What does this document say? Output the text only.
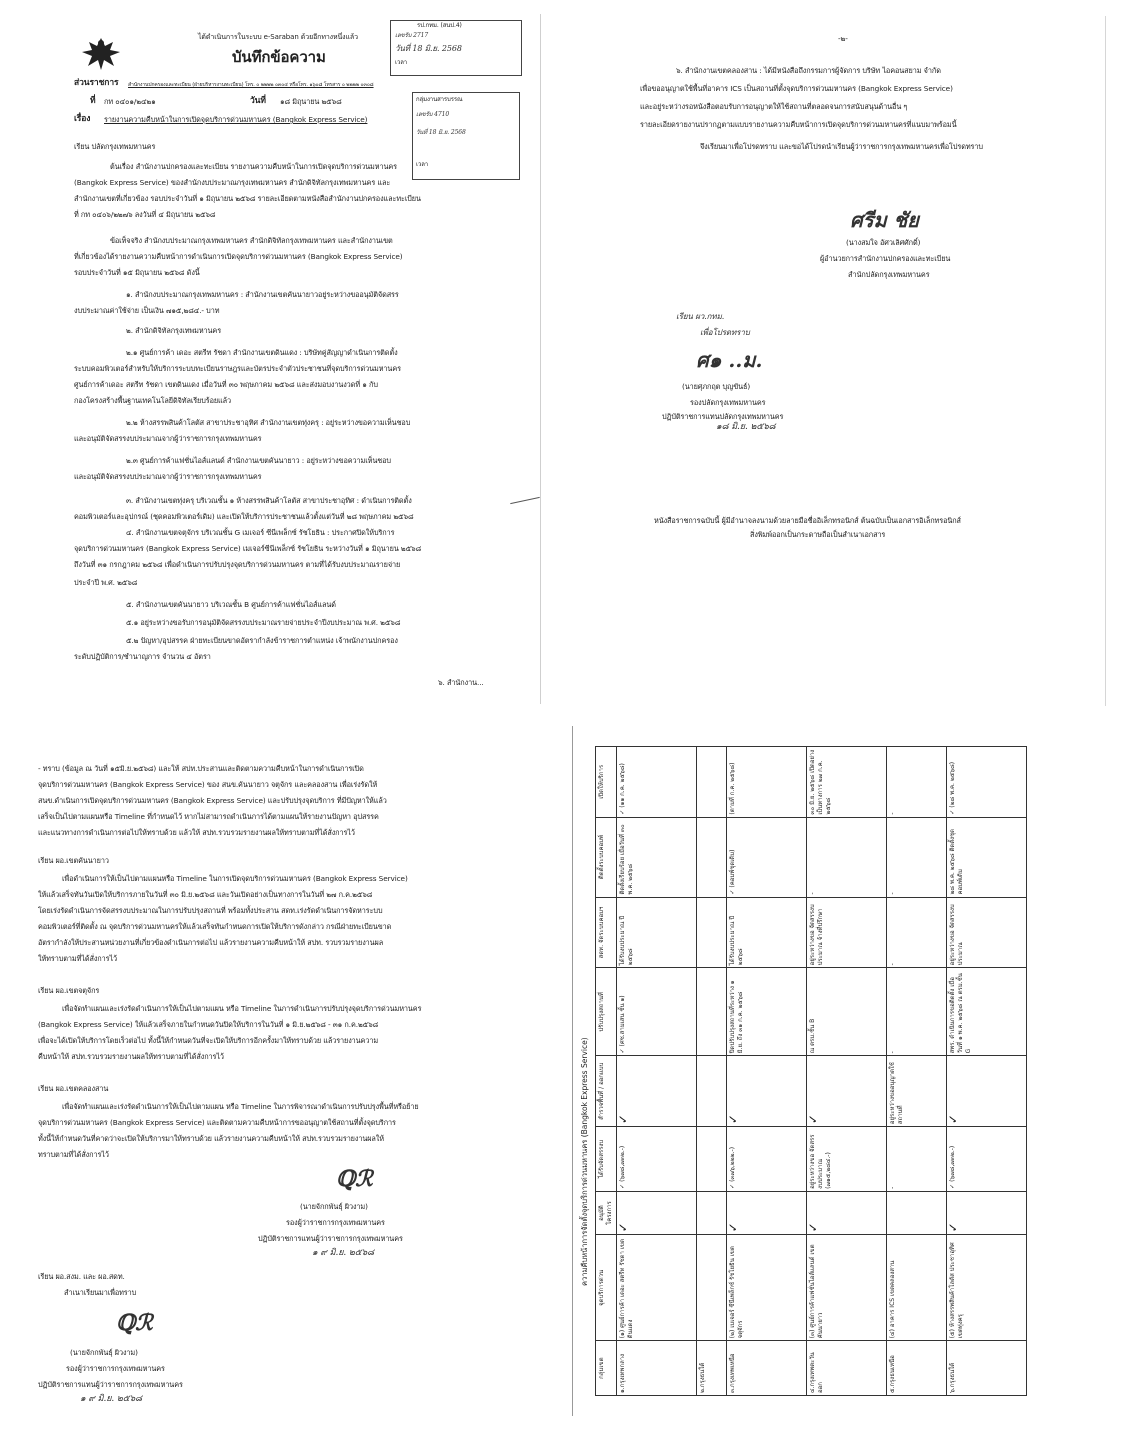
ได้ดำเนินการในระบบ e-Saraban ด้วยอีกทางหนึ่งแล้ว
บันทึกข้อความ
รป.กทม. (สนป.4)
เลขรับ 2717
วันที่ 18 มิ.ย. 2568
เวลา
ส่วนราชการ สำนักงานปกครองและทะเบียน (ฝ่ายบริหารงานทะเบียน) โทร. ๐ ๒๒๒๒ ๐๓๐๔ หรือโทร. ๑๖๐๘ โทรสาร ๐ ๒๒๒๒ ๐๓๐๘
ที่ กท ๐๔๐๑/๒๔๒๑	วันที่ ๑๘ มิถุนายน ๒๕๖๘
เรื่อง รายงานความคืบหน้าในการเปิดจุดบริการด่วนมหานคร (Bangkok Express Service)
กลุ่มงานสารบรรณ
เลขรับ 4710
วันที่ 18 มิ.ย. 2568
เวลา
เรียน ปลัดกรุงเทพมหานคร
ต้นเรื่อง สำนักงานปกครองและทะเบียน รายงานความคืบหน้าในการเปิดจุดบริการด่วนมหานคร
(Bangkok Express Service) ของสำนักงบประมาณกรุงเทพมหานคร สำนักดิจิทัลกรุงเทพมหานคร และ
สำนักงานเขตที่เกี่ยวข้อง รอบประจำวันที่ ๑ มิถุนายน ๒๕๖๘ รายละเอียดตามหนังสือสำนักงานปกครองและทะเบียน
ที่ กท ๐๔๐๖/๒๒๗๖ ลงวันที่ ๔ มิถุนายน ๒๕๖๘
ข้อเท็จจริง สำนักงบประมาณกรุงเทพมหานคร สำนักดิจิทัลกรุงเทพมหานคร และสำนักงานเขต
ที่เกี่ยวข้องได้รายงานความคืบหน้าการดำเนินการเปิดจุดบริการด่วนมหานคร (Bangkok Express Service)
รอบประจำวันที่ ๑๕ มิถุนายน ๒๕๖๘ ดังนี้
๑. สำนักงบประมาณกรุงเทพมหานคร : สำนักงานเขตคันนายาวอยู่ระหว่างขออนุมัติจัดสรร
งบประมาณค่าใช้จ่าย เป็นเงิน ๗๑๕,๒๘๔.- บาท
๒. สำนักดิจิทัลกรุงเทพมหานคร
๒.๑ ศูนย์การค้า เดอะ สตรีท รัชดา สำนักงานเขตดินแดง : บริษัทคู่สัญญาดำเนินการติดตั้ง
ระบบคอมพิวเตอร์สำหรับให้บริการระบบทะเบียนราษฎรและบัตรประจำตัวประชาชนที่จุดบริการด่วนมหานคร
ศูนย์การค้าเดอะ สตรีท รัชดา เขตดินแดง เมื่อวันที่ ๓๐ พฤษภาคม ๒๕๖๘ และส่งมอบงานงวดที่ ๑ กับ
กองโครงสร้างพื้นฐานเทคโนโลยีดิจิทัลเรียบร้อยแล้ว
๒.๒ ห้างสรรพสินค้าโลตัส สาขาประชาอุทิศ สำนักงานเขตทุ่งครุ : อยู่ระหว่างขอความเห็นชอบ
และอนุมัติจัดสรรงบประมาณจากผู้ว่าราชการกรุงเทพมหานคร
๒.๓ ศูนย์การค้าแฟชั่นไอส์แลนด์ สำนักงานเขตคันนายาว : อยู่ระหว่างขอความเห็นชอบ
และอนุมัติจัดสรรงบประมาณจากผู้ว่าราชการกรุงเทพมหานคร
๓. สำนักงานเขตทุ่งครุ บริเวณชั้น ๑ ห้างสรรพสินค้าโลตัส สาขาประชาอุทิศ : ดำเนินการติดตั้ง
คอมพิวเตอร์และอุปกรณ์ (ชุดคอมพิวเตอร์เดิม) และเปิดให้บริการประชาชนแล้วตั้งแต่วันที่ ๒๘ พฤษภาคม ๒๕๖๘
๔. สำนักงานเขตจตุจักร บริเวณชั้น G เมเจอร์ ซีนีเพล็กซ์ รัชโยธิน : ประกาศปิดให้บริการ
จุดบริการด่วนมหานคร (Bangkok Express Service) เมเจอร์ซีนีเพล็กซ์ รัชโยธิน ระหว่างวันที่ ๑ มิถุนายน ๒๕๖๘
ถึงวันที่ ๓๑ กรกฎาคม ๒๕๖๘ เพื่อดำเนินการปรับปรุงจุดบริการด่วนมหานคร ตามที่ได้รับงบประมาณรายจ่าย
ประจำปี พ.ศ. ๒๕๖๘
๕. สำนักงานเขตคันนายาว บริเวณชั้น B ศูนย์การค้าแฟชั่นไอส์แลนด์
๕.๑ อยู่ระหว่างขอรับการอนุมัติจัดสรรงบประมาณรายจ่ายประจำปีงบประมาณ พ.ศ. ๒๕๖๘
๕.๒ ปัญหา/อุปสรรค ฝ่ายทะเบียนขาดอัตรากำลังข้าราชการตำแหน่ง เจ้าพนักงานปกครอง
ระดับปฏิบัติการ/ชำนาญการ จำนวน ๔ อัตรา
๖. สำนักงาน...
-๒-
๖. สำนักงานเขตคลองสาน : ได้มีหนังสือถึงกรรมการผู้จัดการ บริษัท ไอคอนสยาม จำกัด
เพื่อขออนุญาตใช้พื้นที่อาคาร ICS เป็นสถานที่ตั้งจุดบริการด่วนมหานคร (Bangkok Express Service)
และอยู่ระหว่างรอหนังสือตอบรับการอนุญาตให้ใช้สถานที่ตลอดจนการสนับสนุนด้านอื่น ๆ
รายละเอียดรายงานปรากฏตามแบบรายงานความคืบหน้าการเปิดจุดบริการด่วนมหานครที่แนบมาพร้อมนี้
จึงเรียนมาเพื่อโปรดทราบ และขอได้โปรดนำเรียนผู้ว่าราชการกรุงเทพมหานครเพื่อโปรดทราบ
ศรีม ชัย
(นางสมใจ อัศวเลิศศักดิ์)
ผู้อำนวยการสำนักงานปกครองและทะเบียน
สำนักปลัดกรุงเทพมหานคร
เรียน ผว.กทม.
เพื่อโปรดทราบ
ศ๑ ..ม.
(นายศุภกฤต บุญขันธ์)
รองปลัดกรุงเทพมหานคร
ปฏิบัติราชการแทนปลัดกรุงเทพมหานคร
๑๘ มิ.ย. ๒๕๖๘
หนังสือราชการฉบับนี้ ผู้มีอำนาจลงนามด้วยลายมือชื่ออิเล็กทรอนิกส์ ต้นฉบับเป็นเอกสารอิเล็กทรอนิกส์
สิ่งพิมพ์ออกเป็นกระดาษถือเป็นสำเนาเอกสาร
- ทราบ (ข้อมูล ณ วันที่ ๑๕มิ.ย.๒๕๖๘) และให้ สปท.ประสานและติดตามความคืบหน้าในการดำเนินการเปิด
จุดบริการด่วนมหานคร (Bangkok Express Service) ของ สนข.คันนายาว จตุจักร และคลองสาน เพื่อเร่งรัดให้
สนข.ดำเนินการเปิดจุดบริการด่วนมหานคร (Bangkok Express Service) และปรับปรุงจุดบริการ ที่มีปัญหาให้แล้ว
เสร็จเป็นไปตามแผนหรือ Timeline ที่กำหนดไว้ หากไม่สามารถดำเนินการได้ตามแผนให้รายงานปัญหา อุปสรรค
และแนวทางการดำเนินการต่อไปให้ทราบด้วย แล้วให้ สปท.รวบรวมรายงานผลให้ทราบตามที่ได้สั่งการไว้
เรียน ผอ.เขตคันนายาว
เพื่อดำเนินการให้เป็นไปตามแผนหรือ Timeline ในการเปิดจุดบริการด่วนมหานคร (Bangkok Express Service)
ให้แล้วเสร็จทันวันเปิดให้บริการภายในวันที่ ๓๐ มิ.ย.๒๕๖๘ และวันเปิดอย่างเป็นทางการในวันที่ ๒๗ ก.ค.๒๕๖๘
โดยเร่งรัดดำเนินการจัดสรรงบประมาณในการปรับปรุงสถานที่ พร้อมทั้งประสาน สดท.เร่งรัดดำเนินการจัดหาระบบ
คอมพิวเตอร์ที่ติดตั้ง ณ จุดบริการด่วนมหานครให้แล้วเสร็จทันกำหนดการเปิดให้บริการดังกล่าว กรณีฝ่ายทะเบียนขาด
อัตรากำลังให้ประสานหน่วยงานที่เกี่ยวข้องดำเนินการต่อไป แล้วรายงานความคืบหน้าให้ สปท. รวบรวมรายงานผล
ให้ทราบตามที่ได้สั่งการไว้
เรียน ผอ.เขตจตุจักร
เพื่อจัดทำแผนและเร่งรัดดำเนินการให้เป็นไปตามแผน หรือ Timeline ในการดำเนินการปรับปรุงจุดบริการด่วนมหานคร
(Bangkok Express Service) ให้แล้วเสร็จภายในกำหนดวันปิดให้บริการในวันที่ ๑ มิ.ย.๒๕๖๘ - ๓๑ ก.ค.๒๕๖๘
เพื่อจะได้เปิดให้บริการโดยเร็วต่อไป ทั้งนี้ให้กำหนดวันที่จะเปิดให้บริการอีกครั้งมาให้ทราบด้วย แล้วรายงานความ
คืบหน้าให้ สปท.รวบรวมรายงานผลให้ทราบตามที่ได้สั่งการไว้
เรียน ผอ.เขตคลองสาน
เพื่อจัดทำแผนและเร่งรัดดำเนินการให้เป็นไปตามแผน หรือ Timeline ในการพิจารณาดำเนินการปรับปรุงพื้นที่หรือย้าย
จุดบริการด่วนมหานคร (Bangkok Express Service) และติดตามความคืบหน้าการขออนุญาตใช้สถานที่ตั้งจุดบริการ
ทั้งนี้ให้กำหนดวันที่คาดว่าจะเปิดให้บริการมาให้ทราบด้วย แล้วรายงานความคืบหน้าให้ สปท.รวบรวมรายงานผลให้
ทราบตามที่ได้สั่งการไว้
ℚℛ
(นายจักกพันธุ์ ผิวงาม)
รองผู้ว่าราชการกรุงเทพมหานคร
ปฏิบัติราชการแทนผู้ว่าราชการกรุงเทพมหานคร
๑ ๙ มิ.ย. ๒๕๖๘
เรียน ผอ.สงม. และ ผอ.สดท.
สำเนาเรียนมาเพื่อทราบ
ℚℛ
(นายจักกพันธุ์ ผิวงาม)
รองผู้ว่าราชการกรุงเทพมหานคร
ปฏิบัติราชการแทนผู้ว่าราชการกรุงเทพมหานคร
๑ ๙ มิ.ย. ๒๕๖๘
ความคืบหน้าการจัดตั้งจุดบริการด่วนมหานคร (Bangkok Express Service)
กลุ่มเขต	จุดบริการด่วน	อนุมัติโครงการ	ได้รับจัดสรรงบ	สำรวจพื้นที่ / ออกแบบ	ปรับปรุงสถานที่	สดท. จัดระบบคอมฯ	ติดตั้งระบบคอมพ์	เปิดให้บริการ
๑.กรุงเทพกลาง	(๑) ศูนย์การค้า เดอะ สตรีท รัชดา เขตดินแดง	✓	✓ (๖๗๘,๗๓๒.-)	✓	✓ (ศซ.สามเสน ชั้น ๑)	ได้รับงบประมาณ ปี ๒๕๖๘	ติดตั้งเรียบร้อย เมื่อวันที่ ๓๐ พ.ค. ๒๕๖๘	✓ (๑๑ ก.ค. ๒๕๖๘)
๒.กรุงธนใต้								
๓.กรุงเทพเหนือ	(๒) เมเจอร์ ซีนีเพล็กซ์ รัชโยธิน เขตจตุจักร	✓	✓ (๓๗๖,๒๒๒.-)	✓	ปิดปรับปรุงสถานที่ระหว่าง ๑ มิ.ย. ถึง ๓๑ ก.ค. ๒๕๖๘	ได้รับงบประมาณ ปี ๒๕๖๘	✓ (คอมพ์ชุดเดิม)	(ตามที่ ก.ค. ๒๕๖๘)
๔.กรุงเทพตะวันออก	(๓) ศูนย์การค้าแฟชั่นไอส์แลนด์ เขตคันนายาว	✓	อยู่ระหว่างขอ จัดสรรงบประมาณ (๗๑๕,๒๘๔.-)	✓	ณ ตรม.ชั้น B	อยู่ระหว่างขอ จัดสรรงบประมาณ จ้างที่ปรึกษา	-	๓๐ มิ.ย. ๒๕๖๘ เปิดอย่างเป็นทางการ ๒๗ ก.ค. ๒๕๖๘
๕.กรุงธนเหนือ	(๔) อาคาร ICS เขตคลองสาน		-	อยู่ระหว่างขออนุญาตใช้สถานที่	-	-	-	-
๖.กรุงธนใต้	(๕) ห้างสรรพสินค้าโลตัส ประชาอุทิศ เขตทุ่งครุ	✓	✓ (๖๗๘,๗๓๒.-)	✓	สพร. ดำเนินการขอติดตั้ง เมื่อวันที่ ๑ พ.ค. ๒๕๖๘ ณ ตรม.ชั้น G	อยู่ระหว่างขอ จัดสรรงบประมาณ	๒๘ พ.ค. ๒๕๖๘ ติดตั้งชุดคอมพ์เดิม	✓ (๒๘ พ.ค. ๒๕๖๘)
